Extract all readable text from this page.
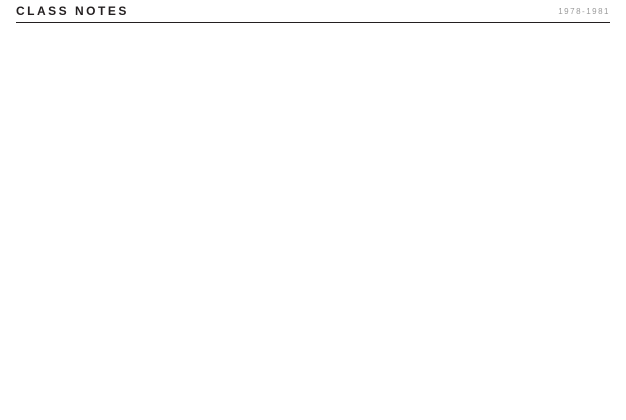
CLASS NOTES	1978-1981
